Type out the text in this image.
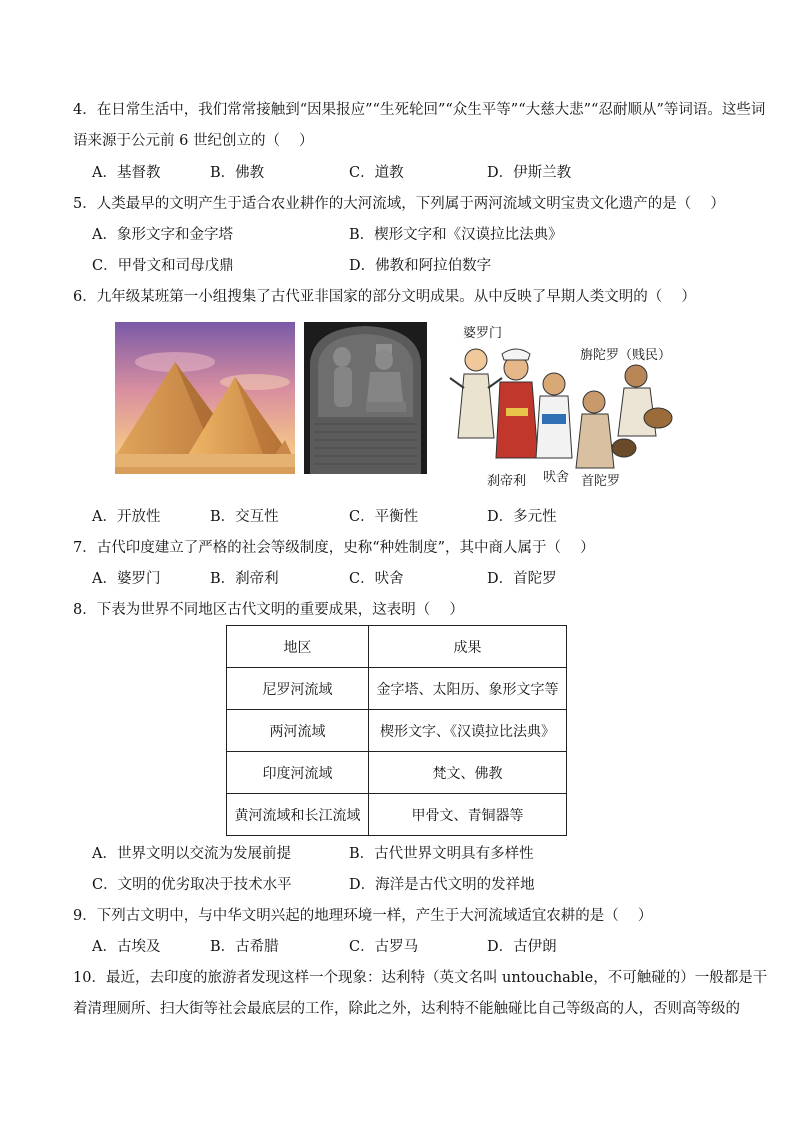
4．在日常生活中，我们常常接触到“因果报应”“生死轮回”“众生平等”“大慈大悲”“忍耐顺从”等词语。这些词
语来源于公元前 6 世纪创立的（　 ）
A．基督教	B．佛教	C．道教	D．伊斯兰教
5．人类最早的文明产生于适合农业耕作的大河流域，下列属于两河流域文明宝贵文化遗产的是（　 ）
A．象形文字和金字塔	B．楔形文字和《汉谟拉比法典》
C．甲骨文和司母戊鼎	D．佛教和阿拉伯数字
6．九年级某班第一小组搜集了古代亚非国家的部分文明成果。从中反映了早期人类文明的（　 ）
婆罗门
旃陀罗（贱民）
刹帝利 吠舍 首陀罗
A．开放性	B．交互性	C．平衡性	D．多元性
7．古代印度建立了严格的社会等级制度，史称“种姓制度”，其中商人属于（　 ）
A．婆罗门	B．刹帝利	C．吠舍	D．首陀罗
8．下表为世界不同地区古代文明的重要成果，这表明（　 ）
地区	成果
尼罗河流域	金字塔、太阳历、象形文字等
两河流域	楔形文字、《汉谟拉比法典》
印度河流域	梵文、佛教
黄河流域和长江流域	甲骨文、青铜器等
A．世界文明以交流为发展前提	B．古代世界文明具有多样性
C．文明的优劣取决于技术水平	D．海洋是古代文明的发祥地
9．下列古文明中，与中华文明兴起的地理环境一样，产生于大河流域适宜农耕的是（　 ）
A．古埃及	B．古希腊	C．古罗马	D．古伊朗
10．最近，去印度的旅游者发现这样一个现象：达利特（英文名叫 untouchable，不可触碰的）一般都是干
着清理厕所、扫大街等社会最底层的工作，除此之外，达利特不能触碰比自己等级高的人，否则高等级的
